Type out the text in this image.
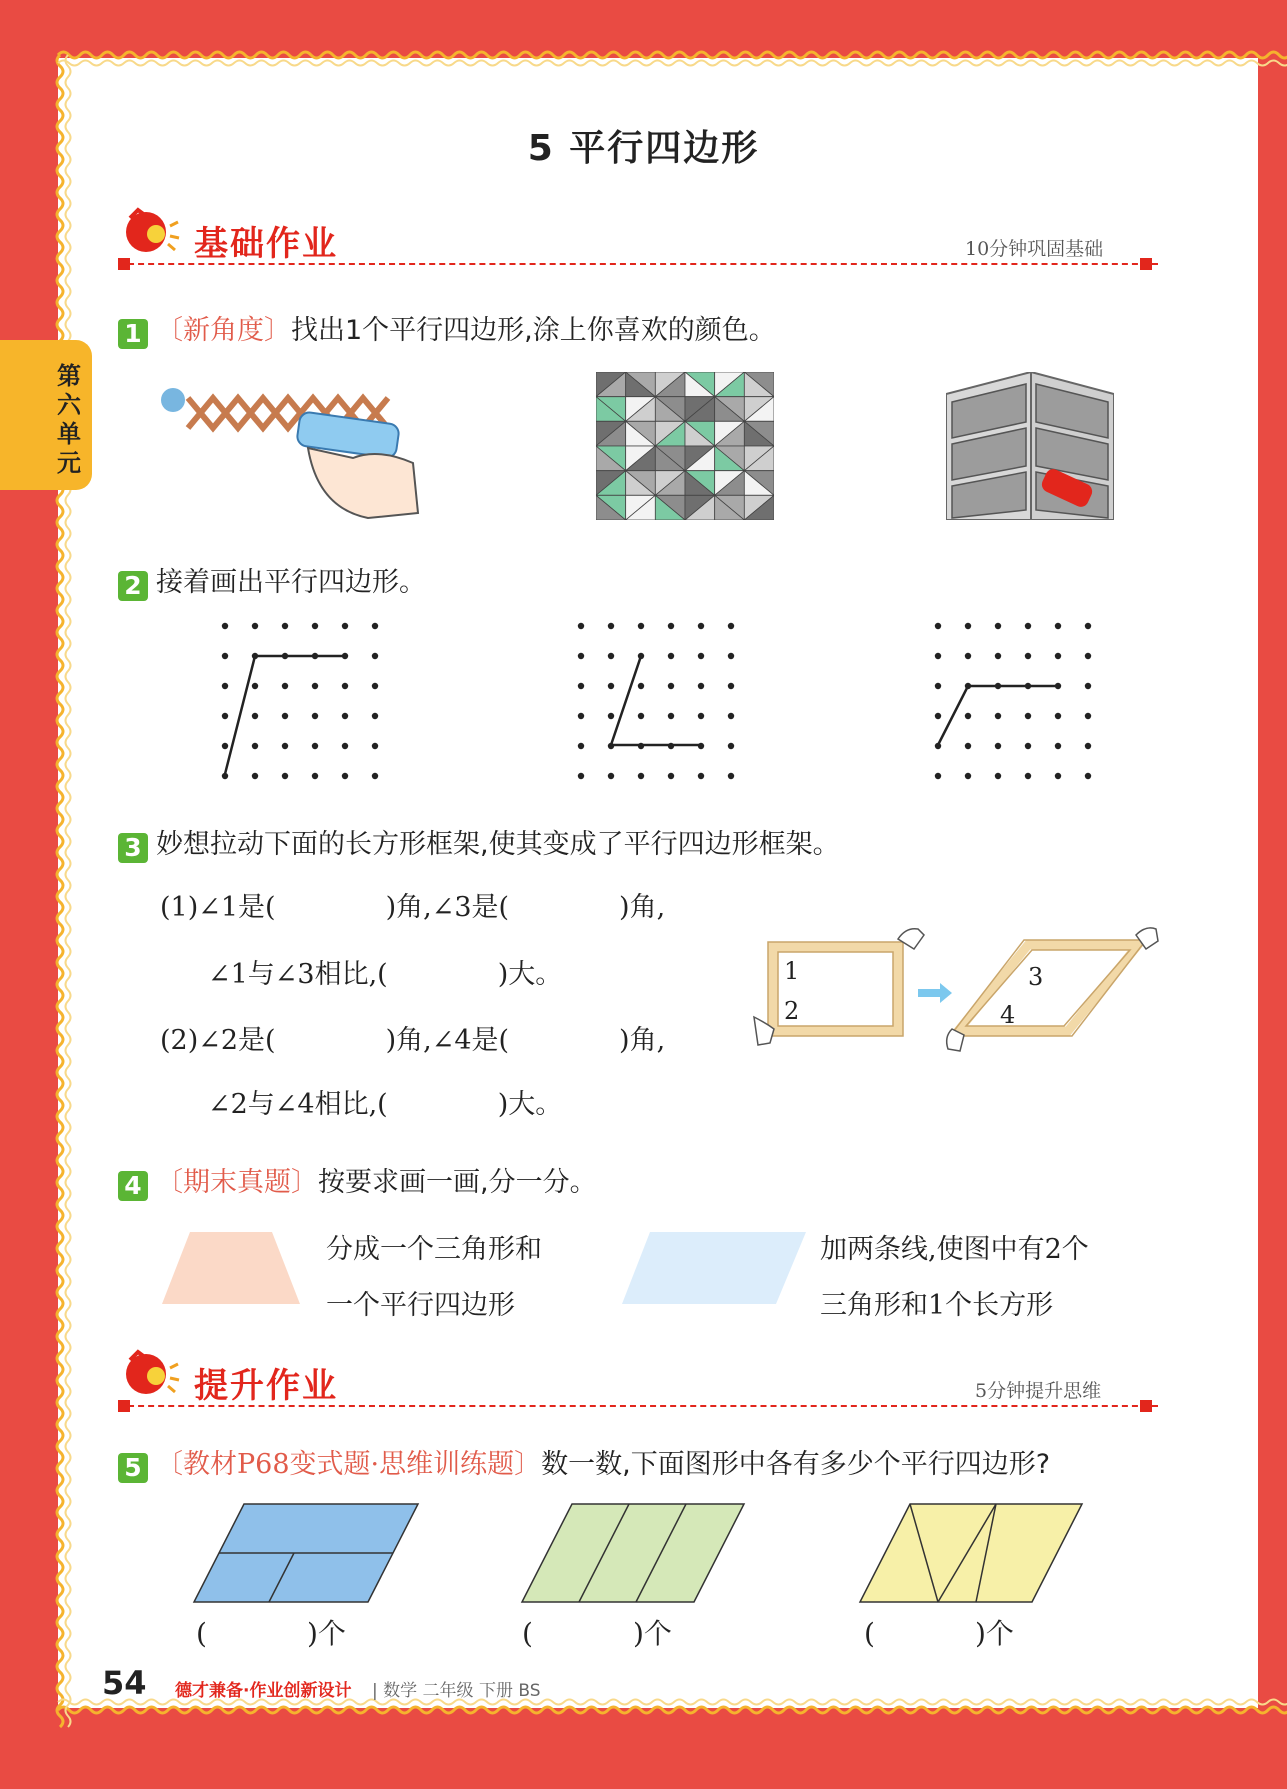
第六单元
5 平行四边形
基础作业	10分钟巩固基础
1 〔新角度〕找出1个平行四边形,涂上你喜欢的颜色。
2 接着画出平行四边形。
3 妙想拉动下面的长方形框架,使其变成了平行四边形框架。
(1)∠1是(	)角,∠3是(	)角,
∠1与∠3相比,(	)大。
(2)∠2是(	)角,∠4是(	)角,
∠2与∠4相比,(	)大。
1
2
3
4
4 〔期末真题〕按要求画一画,分一分。
分成一个三角形和
一个平行四边形
加两条线,使图中有2个
三角形和1个长方形
提升作业	5分钟提升思维
5 〔教材P68变式题·思维训练题〕数一数,下面图形中各有多少个平行四边形?
(	)个	(	)个	(	)个
54 德才兼备·作业创新设计 | 数学 二年级 下册 BS
